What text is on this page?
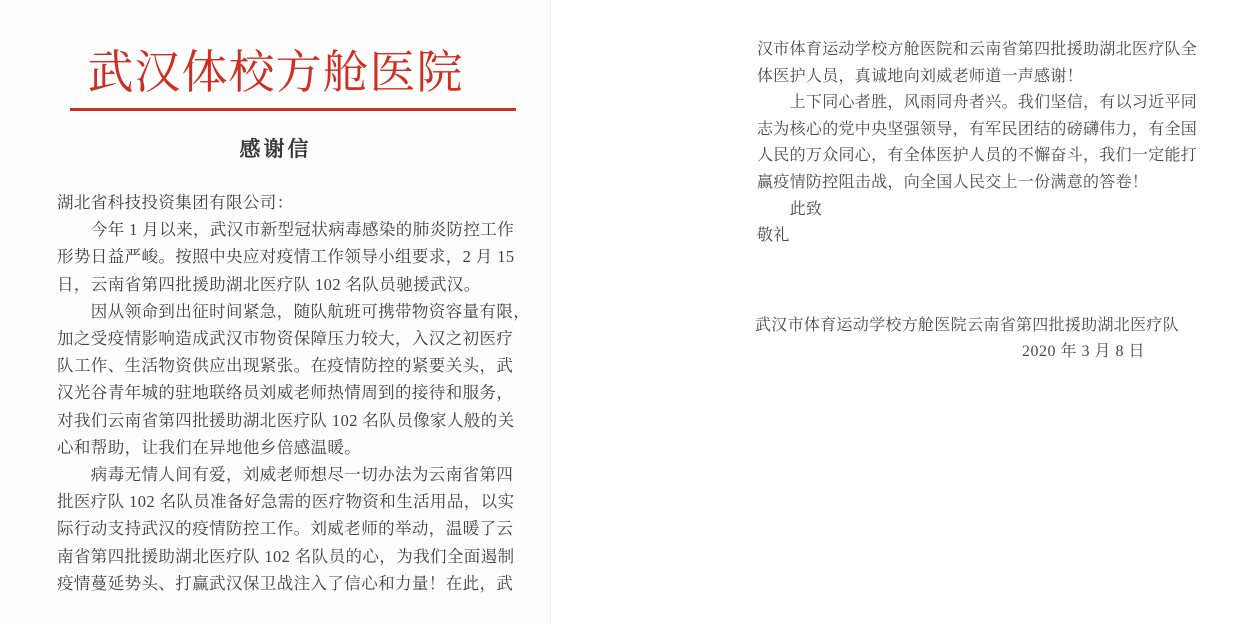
武汉体校方舱医院
感谢信
湖北省科技投资集团有限公司：
　　今年 1 月以来，武汉市新型冠状病毒感染的肺炎防控工作
形势日益严峻。按照中央应对疫情工作领导小组要求，2 月 15
日，云南省第四批援助湖北医疗队 102 名队员驰援武汉。
　　因从领命到出征时间紧急，随队航班可携带物资容量有限，
加之受疫情影响造成武汉市物资保障压力较大，入汉之初医疗
队工作、生活物资供应出现紧张。在疫情防控的紧要关头，武
汉光谷青年城的驻地联络员刘威老师热情周到的接待和服务，
对我们云南省第四批援助湖北医疗队 102 名队员像家人般的关
心和帮助，让我们在异地他乡倍感温暖。
　　病毒无情人间有爱，刘威老师想尽一切办法为云南省第四
批医疗队 102 名队员准备好急需的医疗物资和生活用品，以实
际行动支持武汉的疫情防控工作。刘威老师的举动，温暖了云
南省第四批援助湖北医疗队 102 名队员的心，为我们全面遏制
疫情蔓延势头、打赢武汉保卫战注入了信心和力量！在此，武
汉市体育运动学校方舱医院和云南省第四批援助湖北医疗队全
体医护人员，真诚地向刘威老师道一声感谢！
　　上下同心者胜，风雨同舟者兴。我们坚信，有以习近平同
志为核心的党中央坚强领导，有军民团结的磅礴伟力，有全国
人民的万众同心，有全体医护人员的不懈奋斗，我们一定能打
赢疫情防控阻击战，向全国人民交上一份满意的答卷！
　　此致
敬礼
武汉市体育运动学校方舱医院 云南省第四批援助湖北医疗队
2020 年 3 月 8 日
